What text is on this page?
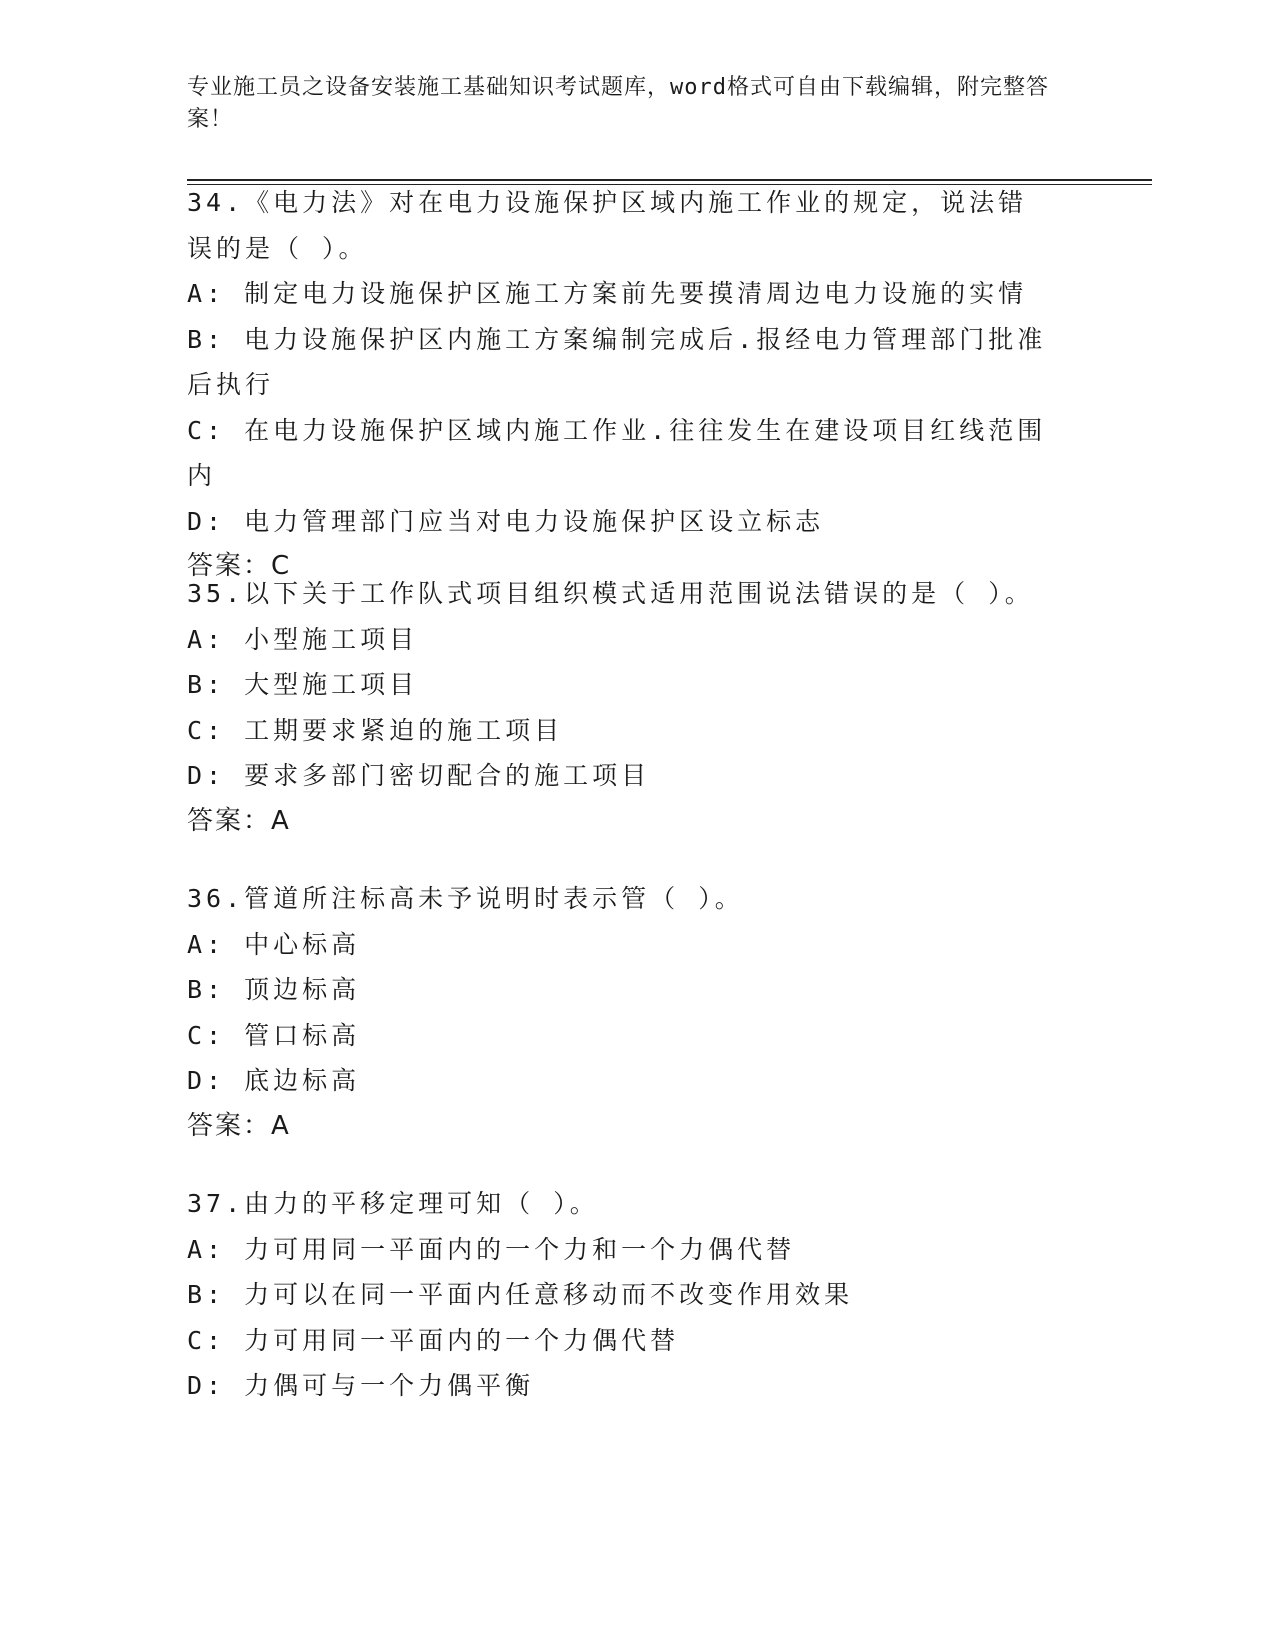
专业施工员之设备安装施工基础知识考试题库，word格式可自由下载编辑，附完整答案！
34.《电力法》对在电力设施保护区域内施工作业的规定，说法错误的是（ ）。
A: 制定电力设施保护区施工方案前先要摸清周边电力设施的实情
B: 电力设施保护区内施工方案编制完成后.报经电力管理部门批准后执行
C: 在电力设施保护区域内施工作业.往往发生在建设项目红线范围内
D: 电力管理部门应当对电力设施保护区设立标志
答案：C
35.以下关于工作队式项目组织模式适用范围说法错误的是（ ）。
A: 小型施工项目
B: 大型施工项目
C: 工期要求紧迫的施工项目
D: 要求多部门密切配合的施工项目
答案：A
36.管道所注标高未予说明时表示管（ ）。
A: 中心标高
B: 顶边标高
C: 管口标高
D: 底边标高
答案：A
37.由力的平移定理可知（ ）。
A: 力可用同一平面内的一个力和一个力偶代替
B: 力可以在同一平面内任意移动而不改变作用效果
C: 力可用同一平面内的一个力偶代替
D: 力偶可与一个力偶平衡
